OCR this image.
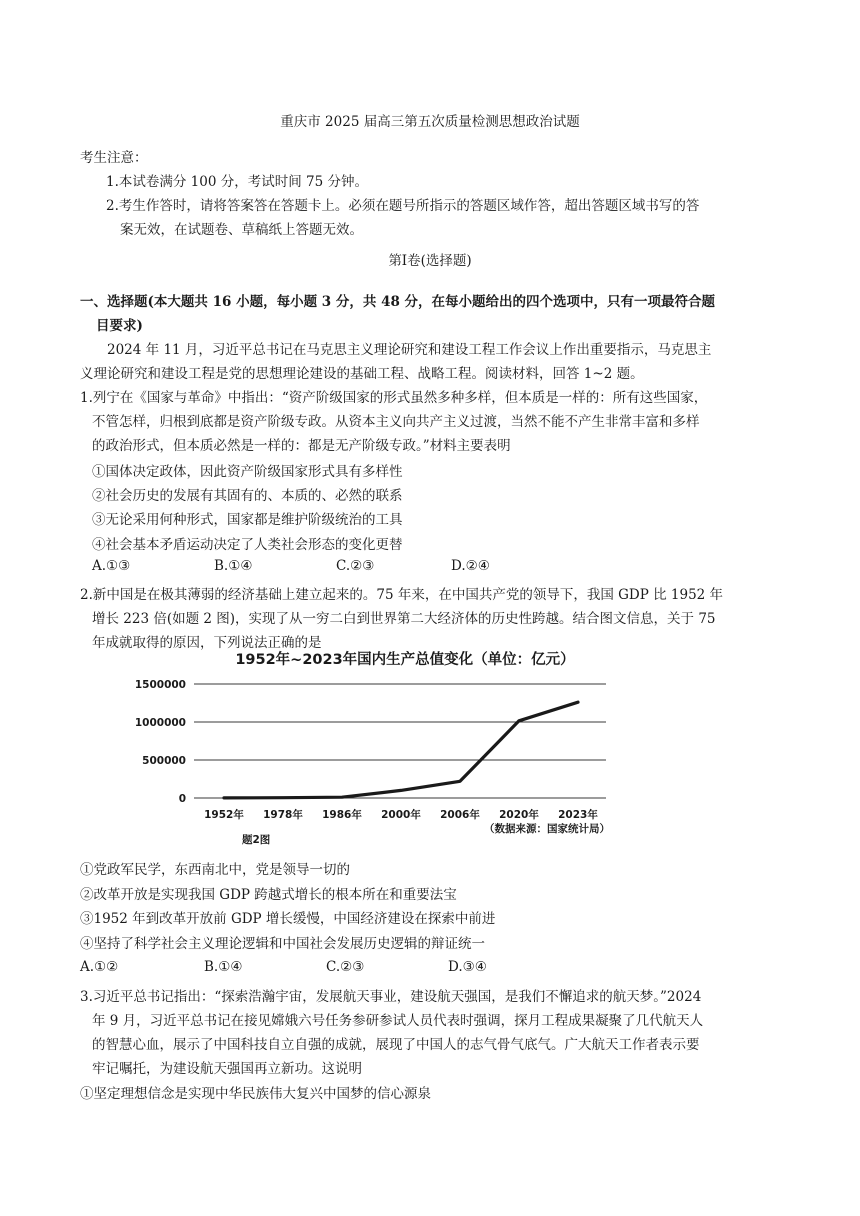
重庆市 2025 届高三第五次质量检测思想政治试题
考生注意：
1.本试卷满分 100 分，考试时间 75 分钟。
2.考生作答时，请将答案答在答题卡上。必须在题号所指示的答题区域作答，超出答题区域书写的答
案无效，在试题卷、草稿纸上答题无效。
第Ⅰ卷(选择题)
一、选择题(本大题共 16 小题，每小题 3 分，共 48 分，在每小题给出的四个选项中，只有一项最符合题
目要求)
2024 年 11 月，习近平总书记在马克思主义理论研究和建设工程工作会议上作出重要指示，马克思主
义理论研究和建设工程是党的思想理论建设的基础工程、战略工程。阅读材料，回答 1~2 题。
1.列宁在《国家与革命》中指出：“资产阶级国家的形式虽然多种多样，但本质是一样的：所有这些国家，
不管怎样，归根到底都是资产阶级专政。从资本主义向共产主义过渡，当然不能不产生非常丰富和多样
的政治形式，但本质必然是一样的：都是无产阶级专政。”材料主要表明
①国体决定政体，因此资产阶级国家形式具有多样性
②社会历史的发展有其固有的、本质的、必然的联系
③无论采用何种形式，国家都是维护阶级统治的工具
④社会基本矛盾运动决定了人类社会形态的变化更替
A.①③	B.①④	C.②③	D.②④
2.新中国是在极其薄弱的经济基础上建立起来的。75 年来，在中国共产党的领导下，我国 GDP 比 1952 年
增长 223 倍(如题 2 图)，实现了从一穷二白到世界第二大经济体的历史性跨越。结合图文信息，关于 75
年成就取得的原因，下列说法正确的是
1952年~2023年国内生产总值变化（单位：亿元）
0
500000
1000000
1500000
1952年 1978年 1986年 2000年 2006年 2020年 2023年
题2图
（数据来源：国家统计局）
①党政军民学，东西南北中，党是领导一切的
②改革开放是实现我国 GDP 跨越式增长的根本所在和重要法宝
③1952 年到改革开放前 GDP 增长缓慢，中国经济建设在探索中前进
④坚持了科学社会主义理论逻辑和中国社会发展历史逻辑的辩证统一
A.①②	B.①④	C.②③	D.③④
3.习近平总书记指出：“探索浩瀚宇宙，发展航天事业，建设航天强国，是我们不懈追求的航天梦。”2024
年 9 月，习近平总书记在接见嫦娥六号任务参研参试人员代表时强调，探月工程成果凝聚了几代航天人
的智慧心血，展示了中国科技自立自强的成就，展现了中国人的志气骨气底气。广大航天工作者表示要
牢记嘱托，为建设航天强国再立新功。这说明
①坚定理想信念是实现中华民族伟大复兴中国梦的信心源泉
